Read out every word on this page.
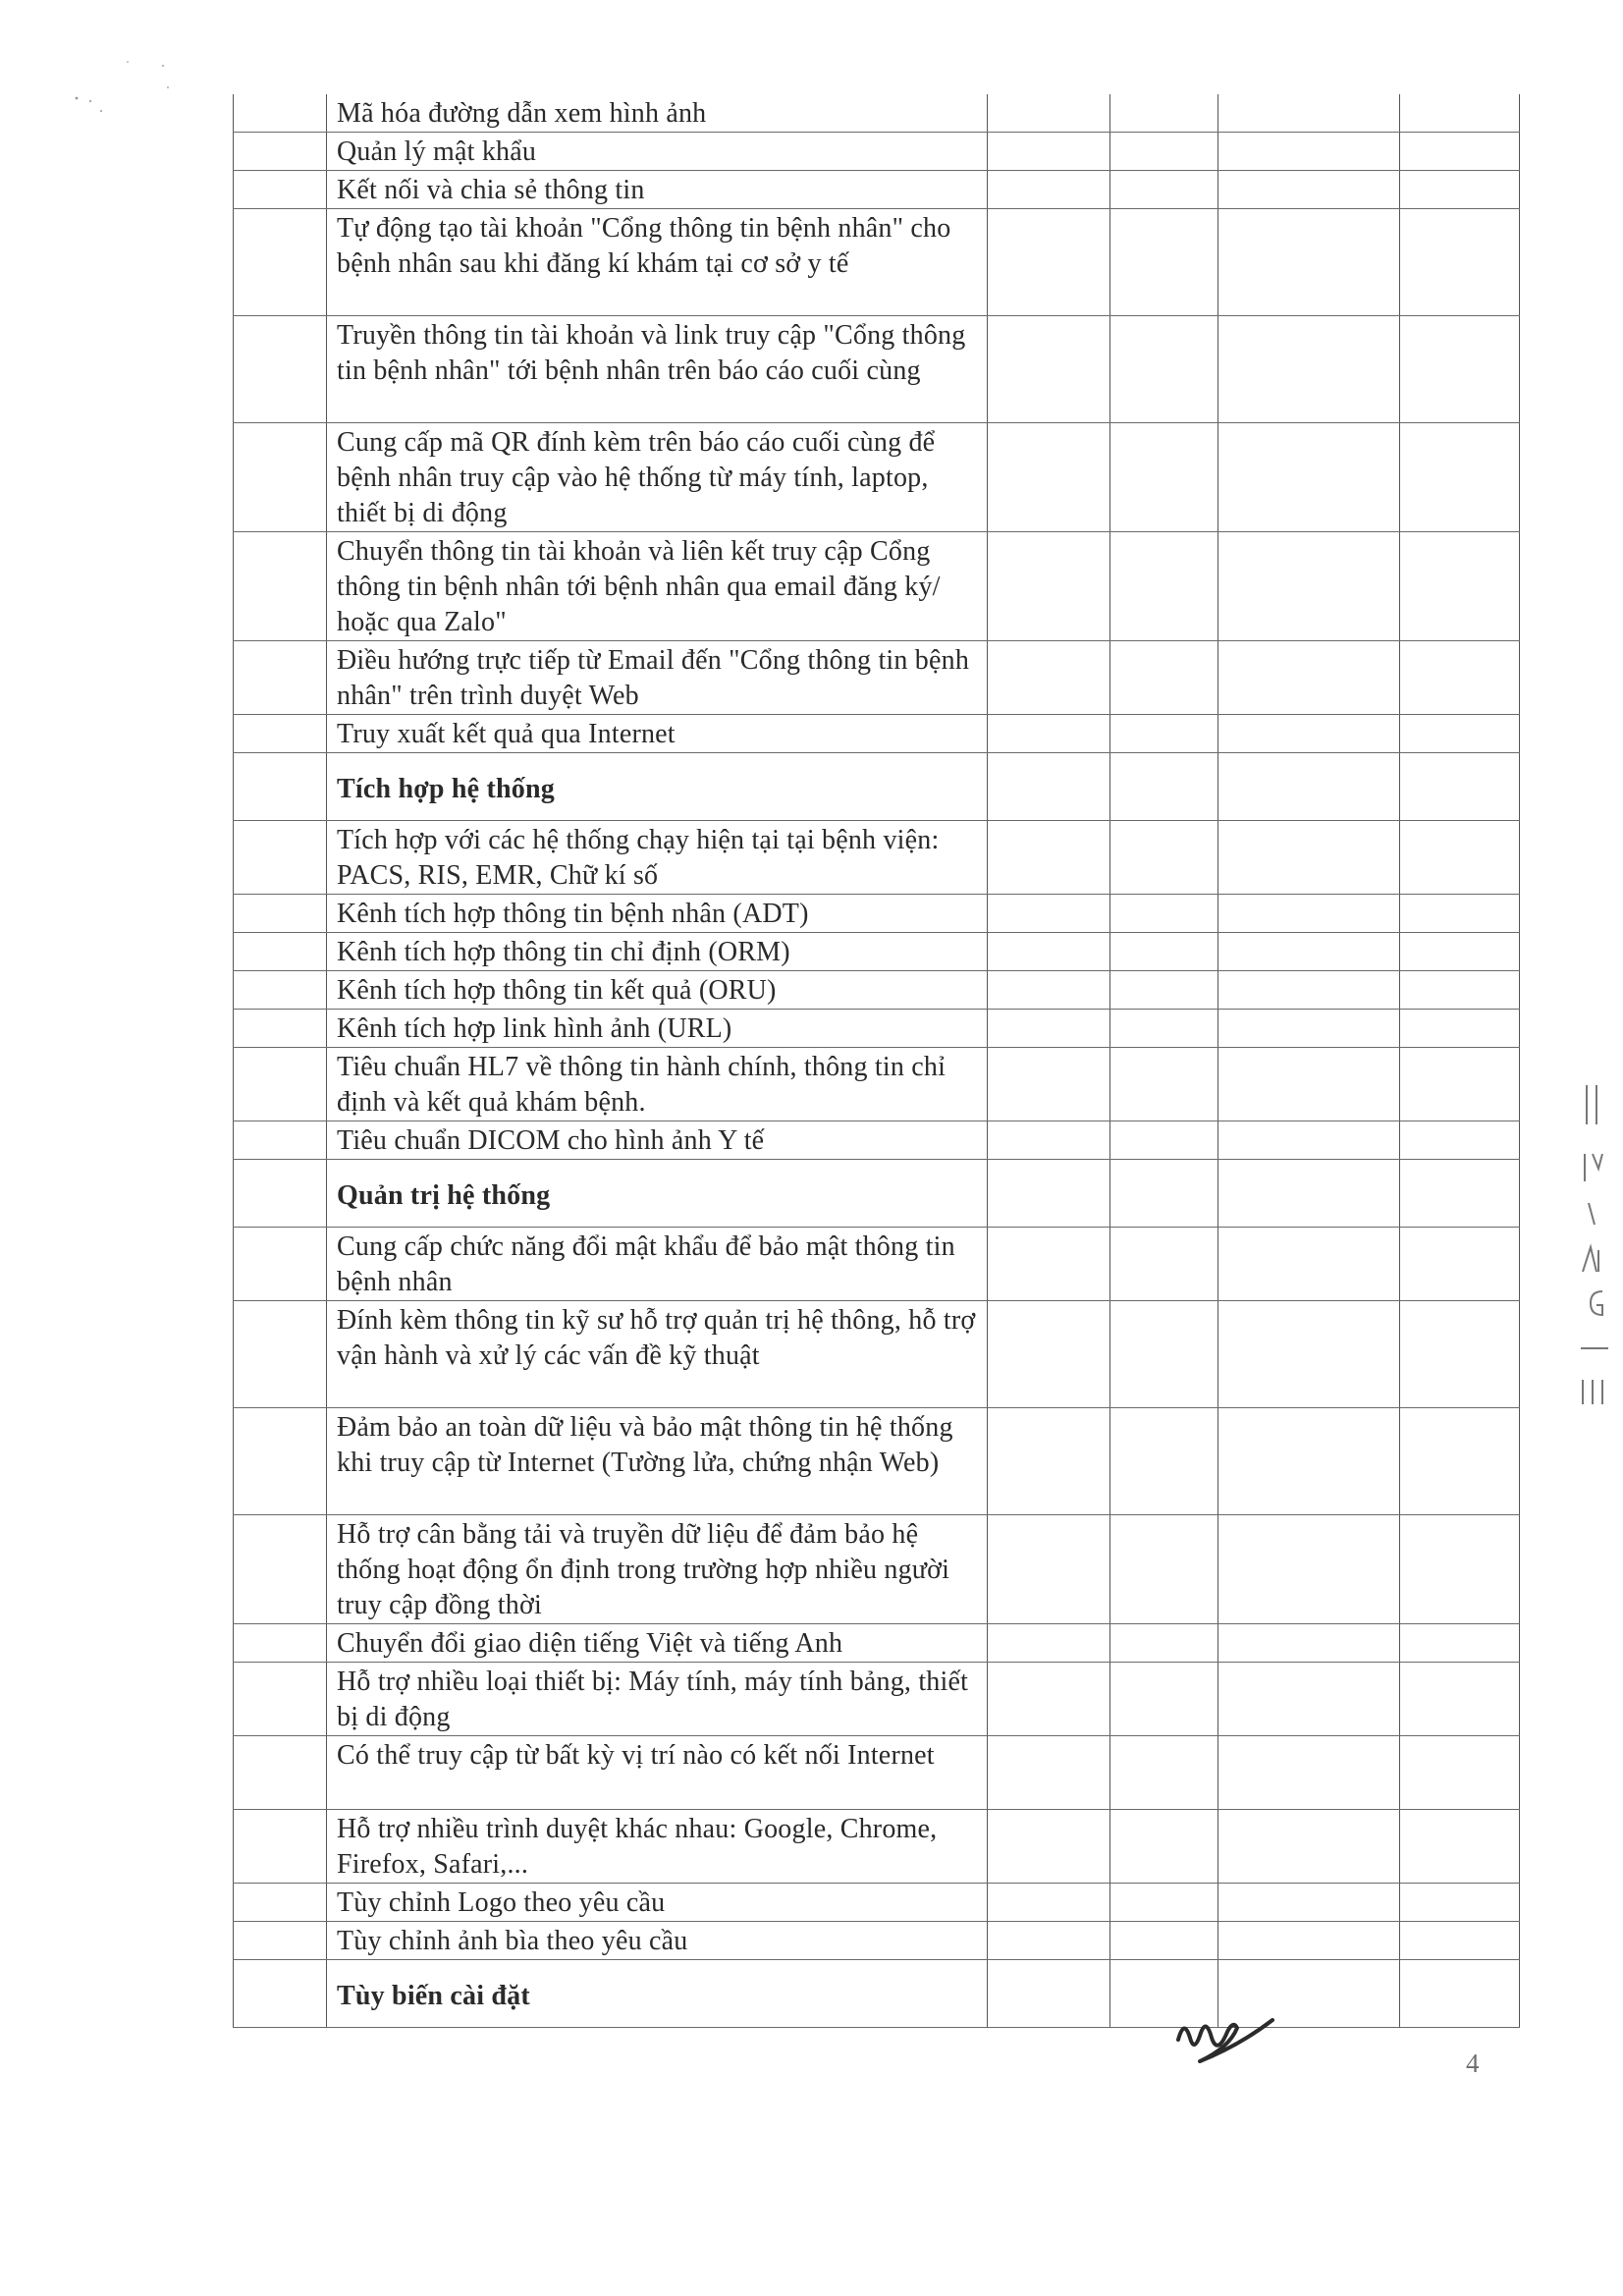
	Mã hóa đường dẫn xem hình ảnh				
	Quản lý mật khẩu				
	Kết nối và chia sẻ thông tin				
	Tự động tạo tài khoản "Cổng thông tin bệnh nhân" cho bệnh nhân sau khi đăng kí khám tại cơ sở y tế				
	Truyền thông tin tài khoản và link truy cập "Cổng thông tin bệnh nhân" tới bệnh nhân trên báo cáo cuối cùng				
	Cung cấp mã QR đính kèm trên báo cáo cuối cùng để bệnh nhân truy cập vào hệ thống từ máy tính, laptop, thiết bị di động				
	Chuyển thông tin tài khoản và liên kết truy cập Cổng thông tin bệnh nhân tới bệnh nhân qua email đăng ký/ hoặc qua Zalo"				
	Điều hướng trực tiếp từ Email đến "Cổng thông tin bệnh nhân" trên trình duyệt Web				
	Truy xuất kết quả qua Internet				
	Tích hợp hệ thống				
	Tích hợp với các hệ thống chạy hiện tại tại bệnh viện: PACS, RIS, EMR, Chữ kí số				
	Kênh tích hợp thông tin bệnh nhân (ADT)				
	Kênh tích hợp thông tin chỉ định (ORM)				
	Kênh tích hợp thông tin kết quả (ORU)				
	Kênh tích hợp link hình ảnh (URL)				
	Tiêu chuẩn HL7 về thông tin hành chính, thông tin chỉ định và kết quả khám bệnh.				
	Tiêu chuẩn DICOM cho hình ảnh Y tế				
	Quản trị hệ thống				
	Cung cấp chức năng đổi mật khẩu để bảo mật thông tin bệnh nhân				
	Đính kèm thông tin kỹ sư hỗ trợ quản trị hệ thông, hỗ trợ vận hành và xử lý các vấn đề kỹ thuật				
	Đảm bảo an toàn dữ liệu và bảo mật thông tin hệ thống khi truy cập từ Internet (Tường lửa, chứng nhận Web)				
	Hỗ trợ cân bằng tải và truyền dữ liệu để đảm bảo hệ thống hoạt động ổn định trong trường hợp nhiều người truy cập đồng thời				
	Chuyển đổi giao diện tiếng Việt và tiếng Anh				
	Hỗ trợ nhiều loại thiết bị: Máy tính, máy tính bảng, thiết bị di động				
	Có thể truy cập từ bất kỳ vị trí nào có kết nối Internet				
	Hỗ trợ nhiều trình duyệt khác nhau: Google, Chrome, Firefox, Safari,...				
	Tùy chỉnh Logo theo yêu cầu				
	Tùy chỉnh ảnh bìa theo yêu cầu				
	Tùy biến cài đặt				
4
